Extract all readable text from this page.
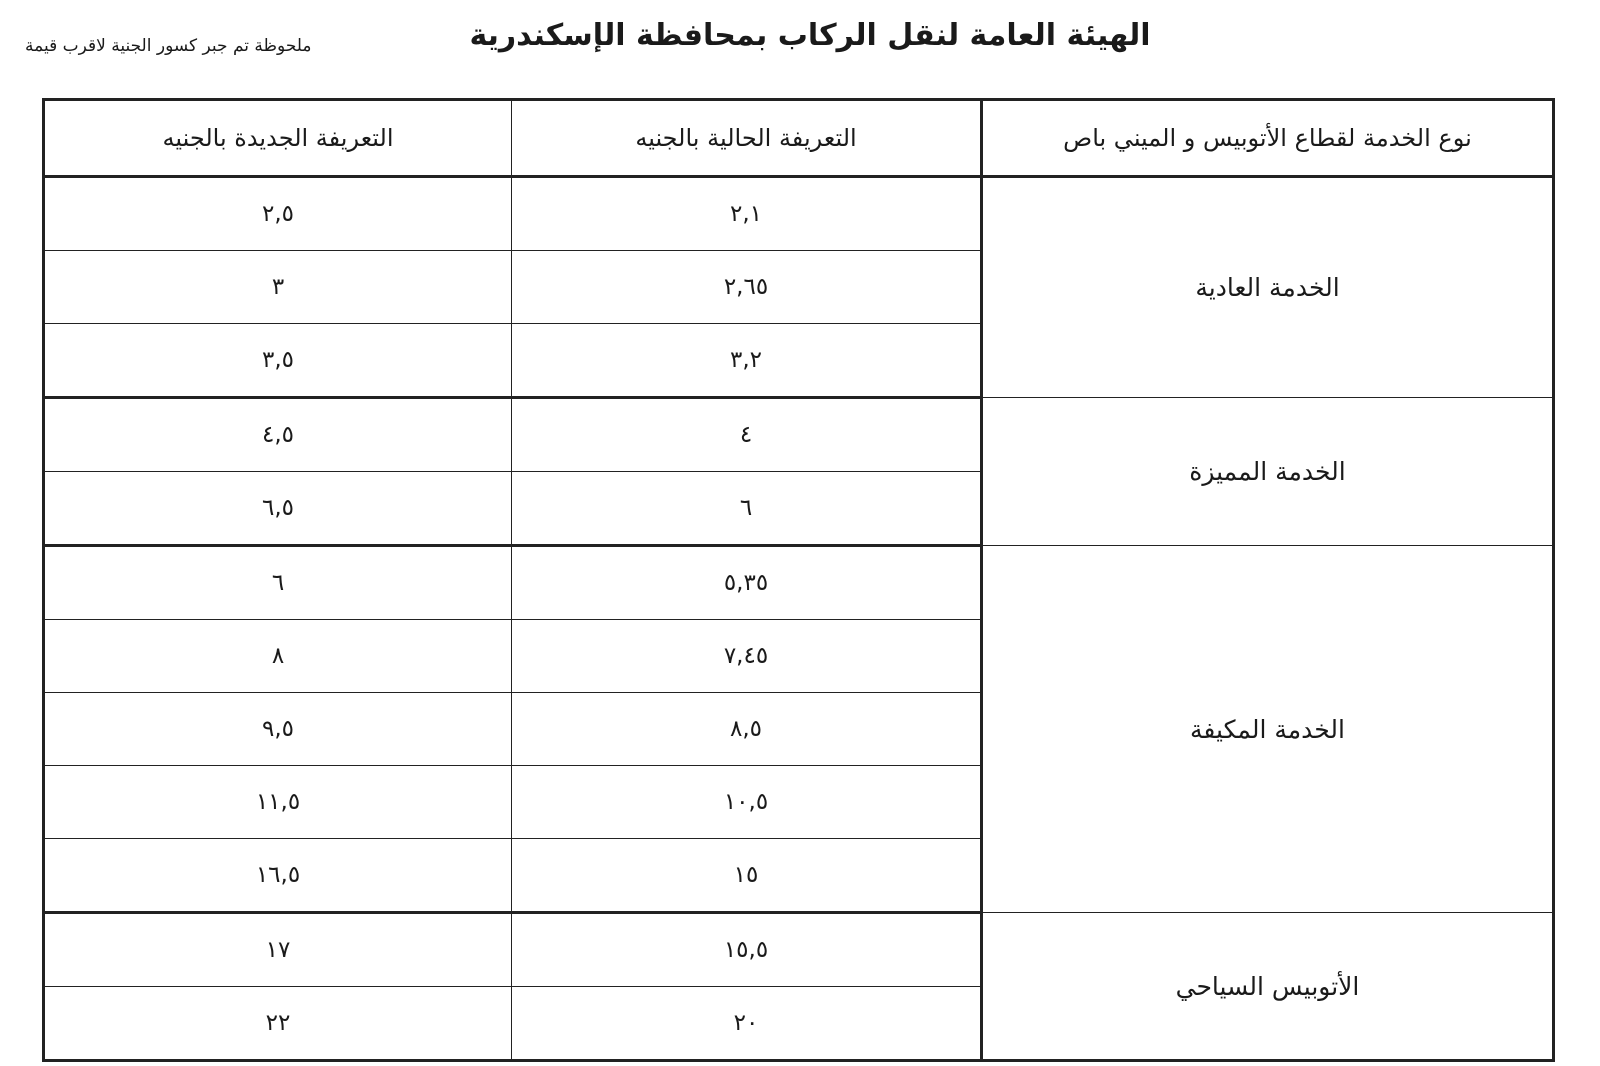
الهيئة العامة لنقل الركاب بمحافظة الإسكندرية
ملحوظة تم جبر كسور الجنية لاقرب قيمة
نوع الخدمة لقطاع الأتوبيس و الميني باص	التعريفة الحالية بالجنيه	التعريفة الجديدة بالجنيه
الخدمة العادية	٢,١	٢,٥
	٢,٦٥	٣
	٣,٢	٣,٥
الخدمة المميزة	٤	٤,٥
	٦	٦,٥
الخدمة المكيفة	٥,٣٥	٦
	٧,٤٥	٨
	٨,٥	٩,٥
	١٠,٥	١١,٥
	١٥	١٦,٥
الأتوبيس السياحي	١٥,٥	١٧
	٢٠	٢٢
